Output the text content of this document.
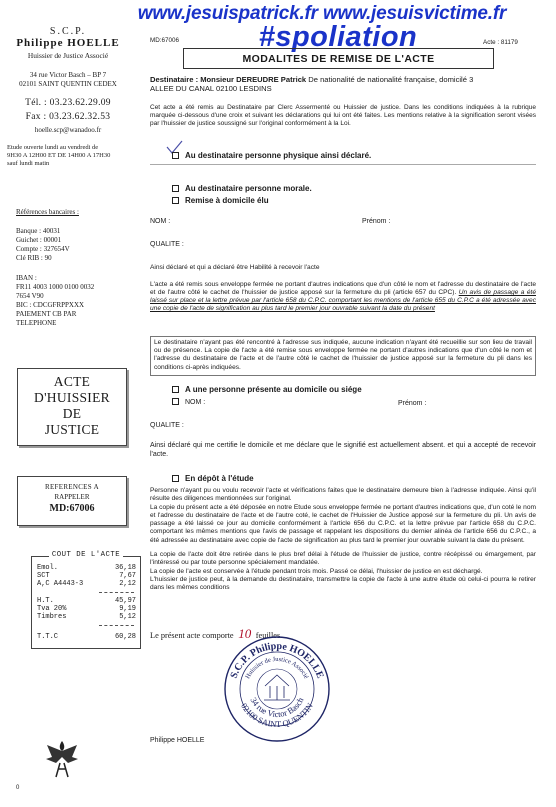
www.jesuispatrick.fr www.jesuisvictime.fr
#spoliation
S.C.P.
Philippe HOELLE
Huissier de Justice Associé
34 rue Victor Basch – BP 7
02101 SAINT QUENTIN CEDEX
Tél. : 03.23.62.29.09
Fax : 03.23.62.32.53
hoelle.scp@wanadoo.fr
Etude ouverte lundi au vendredi de
9H30 A 12H00 ET DE 14H00 A 17H30
sauf lundi matin
Références bancaires :
Banque : 40031
Guichet : 00001
Compte : 327654V
Clé RIB : 90
IBAN :
FR11 4003 1000 0100 0032
7654 V90
BIC : CDCGFRPPXXX
PAIEMENT CB PAR
TELEPHONE
ACTE
D'HUISSIER
DE
JUSTICE
REFERENCES A
RAPPELER
MD:67006
COUT DE L'ACTE
Emol.	36,18
SCT	7,67
A,C A4443-3	2,12
H.T.	45,97
Tva 20%	9,19
Timbres	5,12
T.T.C	60,28
MD:67006	Acte : 81179
MODALITES DE REMISE DE L'ACTE
Destinataire : Monsieur DEREUDRE Patrick De nationalité de nationalité française, domicilé 3
ALLEE DU CANAL 02100 LESDINS
Cet acte a été remis au Destinataire par Clerc Assermenté ou Huissier de justice. Dans les conditions indiquées à la rubrique marquée ci-dessous d'une croix et suivant les déclarations qui lui ont été faites. Les mentions relative à la signification seront visées par l'huissier de justice soussigné sur l'original conformément à la Loi.
Au destinataire personne physique ainsi déclaré.
Au destinataire personne morale.
Remise à domicile élu
NOM :	Prénom :
QUALITE :
Ainsi déclaré et qui a déclaré être Habilité à recevoir l'acte
L'acte a été remis sous enveloppe fermée ne portant d'autres indications que d'un côté le nom et l'adresse du destinataire de l'acte et de l'autre côté le cachet de l'huissier de justice apposé sur la fermeture du pli (article 657 du CPC). Un avis de passage a été laissé sur place et la lettre prévue par l'article 658 du C.P.C. comportant les mentions de l'article 655 du C.P.C a été adressée avec une copie de l'acte de signification au plus tard le premier jour ouvrable suivant la date du présent
Le destinataire n'ayant pas été rencontré à l'adresse sus indiquée, aucune indication n'ayant été recueillie sur son lieu de travail ou de présence. La copie de l'acte a été remise sous enveloppe fermée ne portant d'autres indications que d'un côté le nom et l'adresse du destinataire de l'acte et de l'autre côté le cachet de l'huissier de justice apposé sur la fermeture du pli dans les conditions ci-après indiquées.
A une personne présente au domicile ou siége
NOM :	Prénom :
QUALITE :
Ainsi déclaré qui me certifie le domicile et me déclare que le signifié est actuellement absent. et qui a accepté de recevoir l'acte.
En dépôt à l'étude

Personne n'ayant pu ou voulu recevoir l'acte et vérifications faites que le destinataire demeure bien à l'adresse indiquée. Ainsi qu'il résulte des diligences mentionnées sur l'original.

La copie du présent acte a été déposée en notre Etude sous enveloppe fermée ne portant d'autres indications que, d'un coté le nom et l'adresse du destinataire de l'acte et de l'autre coté, le cachet de l'Huissier de Justice apposé sur la fermeture du pli. Un avis de passage a été laissé ce jour au domicile conformément à l'article 656 du C.P.C. et la lettre prévue par l'article 658 du C.P.C. comportant les mêmes mentions que l'avis de passage et rappelant les dispositions du dernier alinéa de l'article 656 du C.P.C., a été adressée au destinataire avec copie de l'acte de signification au plus tard le premier jour ouvrable suivant la date du présent.

La copie de l'acte doit être retirée dans le plus bref délai à l'étude de l'huissier de justice, contre récépissé ou émargement, par l'intéressé ou par toute personne spécialement mandatée.

La copie de l'acte est conservée à l'étude pendant trois mois. Passé ce délai, l'huissier de justice en est déchargé.

L'huissier de justice peut, à la demande du destinataire, transmettre la copie de l'acte à une autre étude où celui-ci pourra le retirer dans les mêmes conditions

Le présent acte comporte 10 feuilles.
S.C.P. Philippe HOELLE
Huissier de Justice Associé
34 rue Victor Basch
02100 SAINT QUENTIN
Philippe HOELLE
0
